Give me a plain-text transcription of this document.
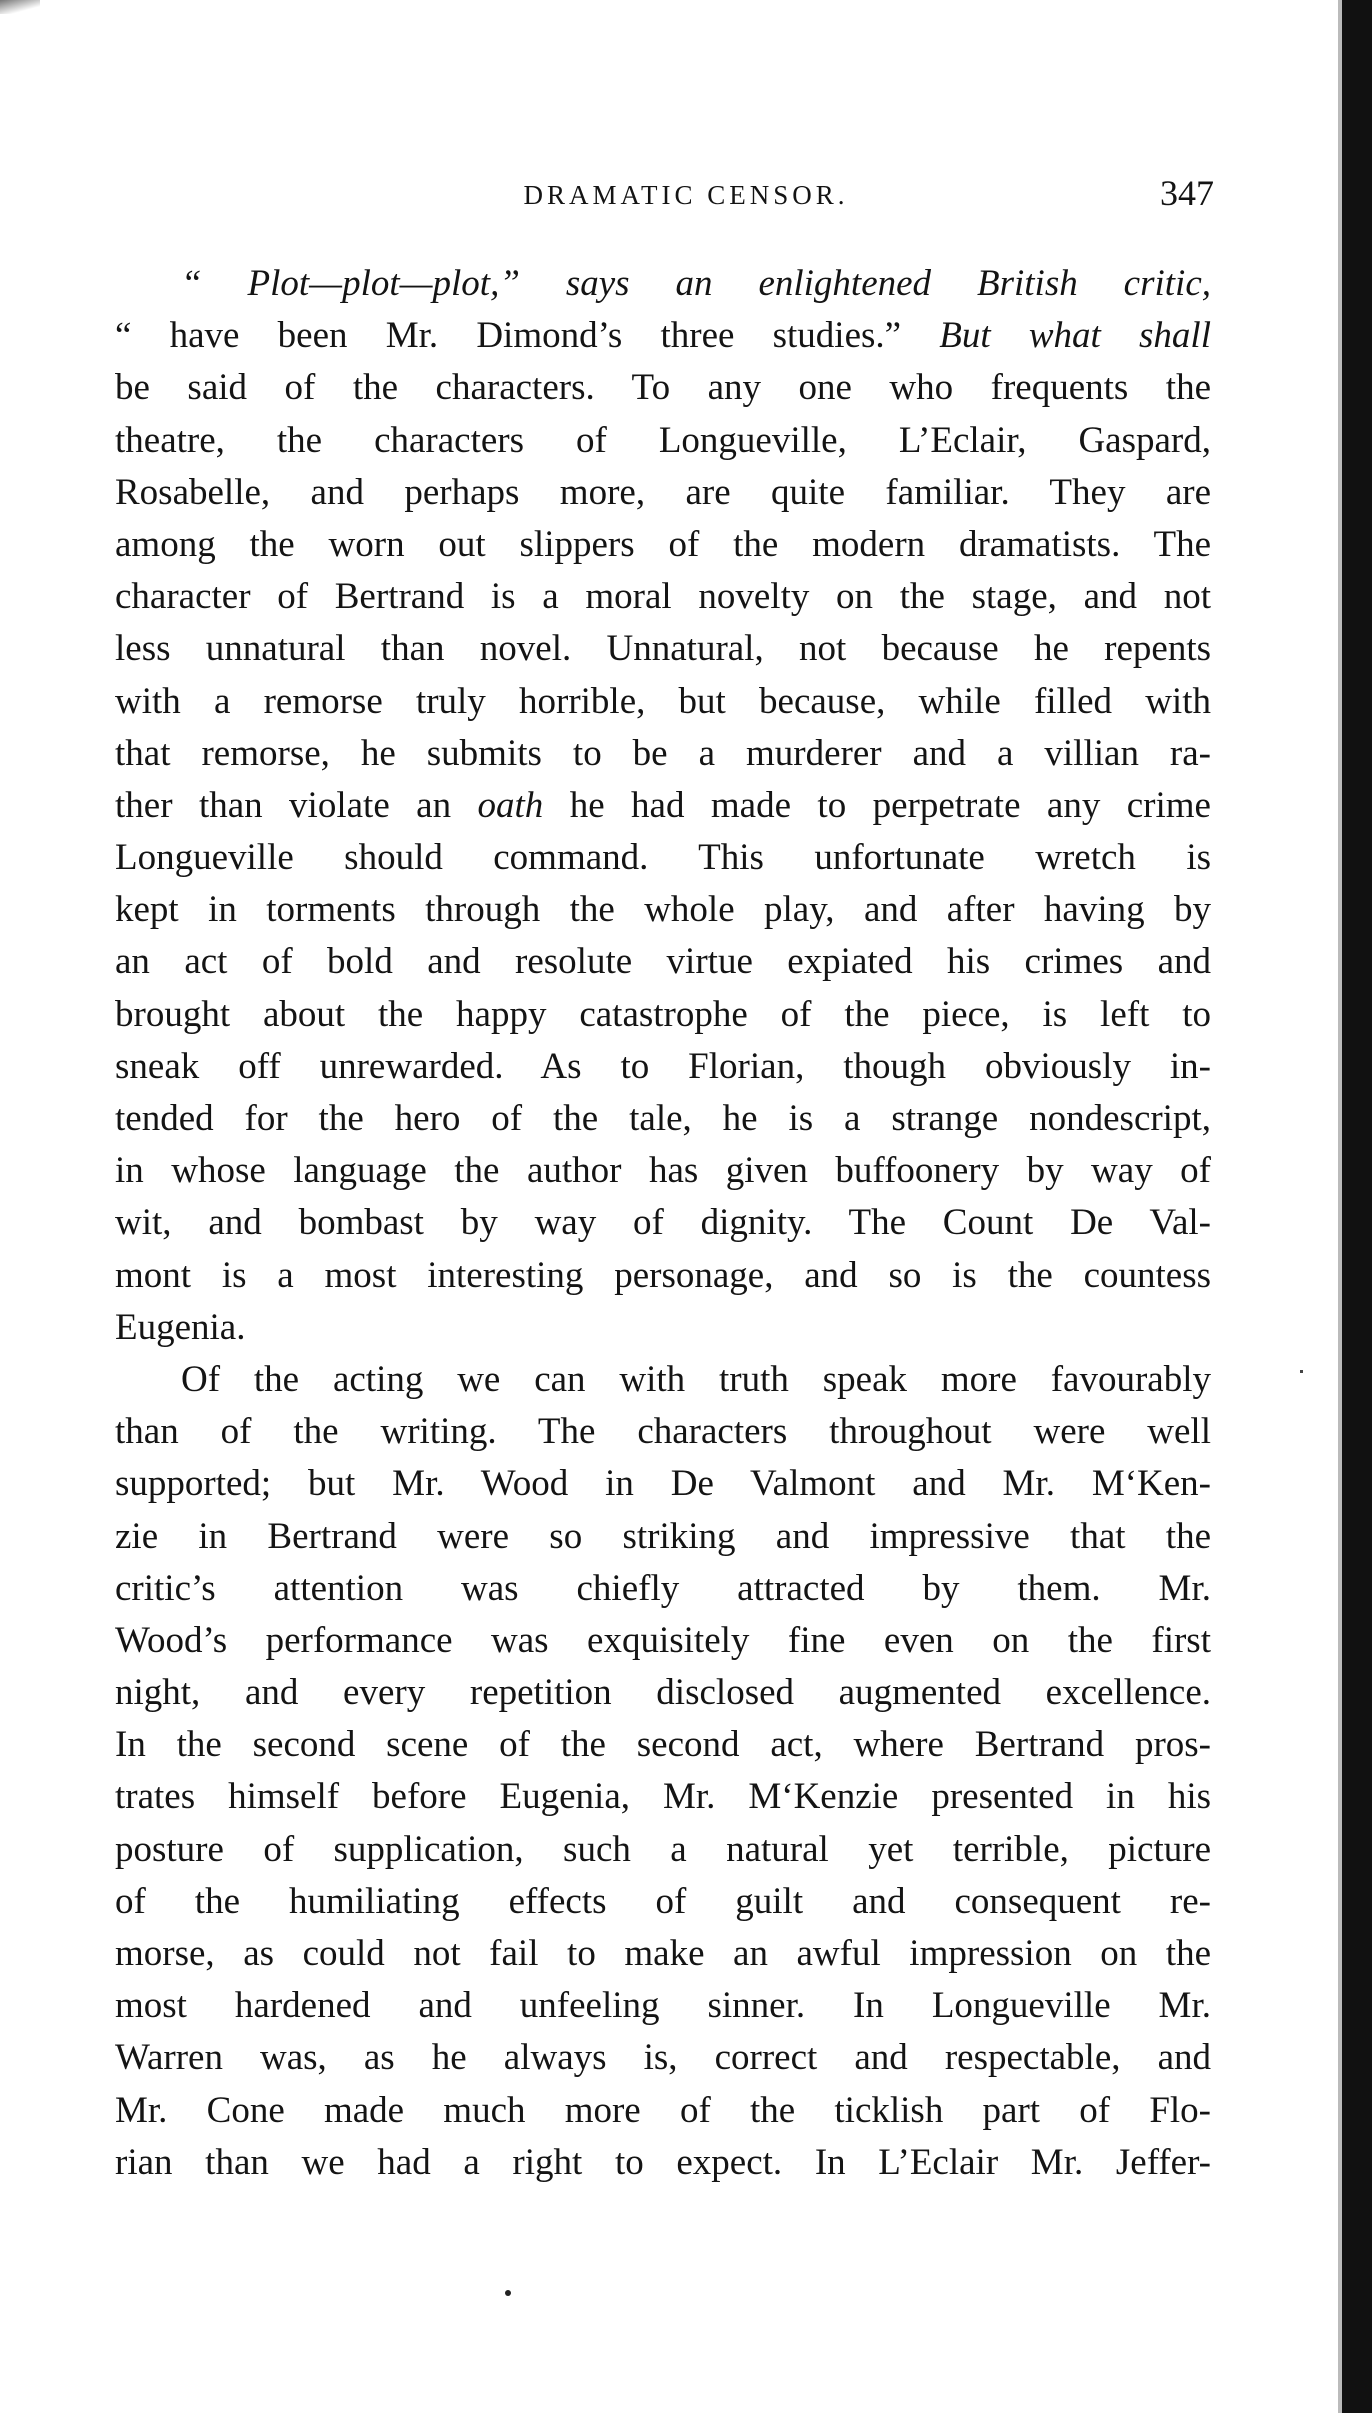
DRAMATIC CENSOR.	347
“ Plot—plot—plot,” says an enlightened British critic,
“ have been Mr. Dimond’s three studies.” But what shall
be said of the characters. To any one who frequents the
theatre, the characters of Longueville, L’Eclair, Gaspard,
Rosabelle, and perhaps more, are quite familiar. They are
among the worn out slippers of the modern dramatists. The
character of Bertrand is a moral novelty on the stage, and not
less unnatural than novel. Unnatural, not because he repents
with a remorse truly horrible, but because, while filled with
that remorse, he submits to be a murderer and a villian ra-
ther than violate an oath he had made to perpetrate any crime
Longueville should command. This unfortunate wretch is
kept in torments through the whole play, and after having by
an act of bold and resolute virtue expiated his crimes and
brought about the happy catastrophe of the piece, is left to
sneak off unrewarded. As to Florian, though obviously in-
tended for the hero of the tale, he is a strange nondescript,
in whose language the author has given buffoonery by way of
wit, and bombast by way of dignity. The Count De Val-
mont is a most interesting personage, and so is the countess
Eugenia.
Of the acting we can with truth speak more favourably
than of the writing. The characters throughout were well
supported; but Mr. Wood in De Valmont and Mr. M‘Ken-
zie in Bertrand were so striking and impressive that the
critic’s attention was chiefly attracted by them. Mr.
Wood’s performance was exquisitely fine even on the first
night, and every repetition disclosed augmented excellence.
In the second scene of the second act, where Bertrand pros-
trates himself before Eugenia, Mr. M‘Kenzie presented in his
posture of supplication, such a natural yet terrible, picture
of the humiliating effects of guilt and consequent re-
morse, as could not fail to make an awful impression on the
most hardened and unfeeling sinner. In Longueville Mr.
Warren was, as he always is, correct and respectable, and
Mr. Cone made much more of the ticklish part of Flo-
rian than we had a right to expect. In L’Eclair Mr. Jeffer-
